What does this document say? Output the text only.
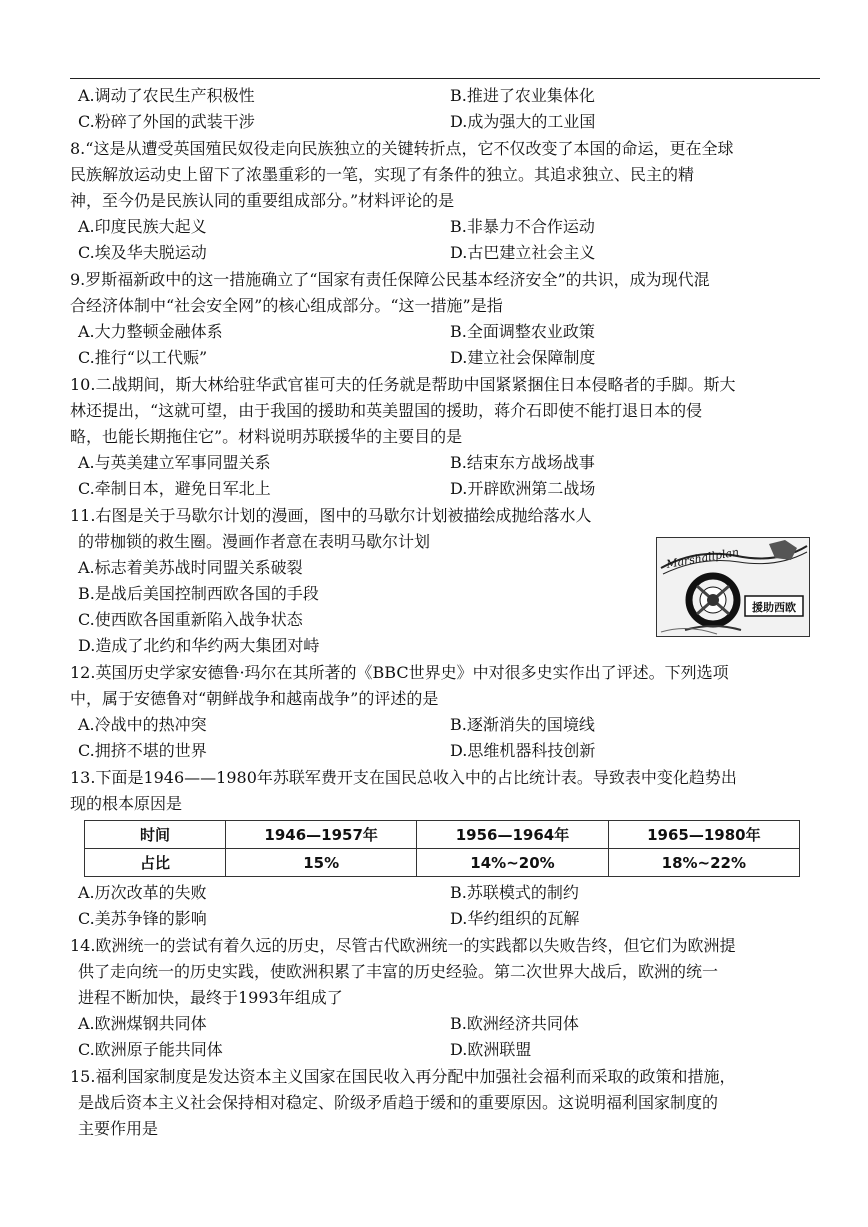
A.调动了农民生产积极性	B.推进了农业集体化
C.粉碎了外国的武装干涉	D.成为强大的工业国
8.“这是从遭受英国殖民奴役走向民族独立的关键转折点，它不仅改变了本国的命运，更在全球
民族解放运动史上留下了浓墨重彩的一笔，实现了有条件的独立。其追求独立、民主的精
神，至今仍是民族认同的重要组成部分。”材料评论的是
A.印度民族大起义	B.非暴力不合作运动
C.埃及华夫脱运动	D.古巴建立社会主义
9.罗斯福新政中的这一措施确立了“国家有责任保障公民基本经济安全”的共识，成为现代混
合经济体制中“社会安全网”的核心组成部分。“这一措施”是指
A.大力整顿金融体系	B.全面调整农业政策
C.推行“以工代赈”	D.建立社会保障制度
10.二战期间，斯大林给驻华武官崔可夫的任务就是帮助中国紧紧捆住日本侵略者的手脚。斯大
林还提出，“这就可望，由于我国的援助和英美盟国的援助，蒋介石即使不能打退日本的侵
略，也能长期拖住它”。材料说明苏联援华的主要目的是
A.与英美建立军事同盟关系	B.结束东方战场战事
C.牵制日本，避免日军北上	D.开辟欧洲第二战场
11.右图是关于马歇尔计划的漫画，图中的马歇尔计划被描绘成抛给落水人
的带枷锁的救生圈。漫画作者意在表明马歇尔计划
A.标志着美苏战时同盟关系破裂
B.是战后美国控制西欧各国的手段
C.使西欧各国重新陷入战争状态
D.造成了北约和华约两大集团对峙
Marshallplan
援助西欧
12.英国历史学家安德鲁·玛尔在其所著的《BBC世界史》中对很多史实作出了评述。下列选项
中，属于安德鲁对“朝鲜战争和越南战争”的评述的是
A.冷战中的热冲突	B.逐渐消失的国境线
C.拥挤不堪的世界	D.思维机器科技创新
13.下面是1946——1980年苏联军费开支在国民总收入中的占比统计表。导致表中变化趋势出
现的根本原因是
时间	1946—1957年	1956—1964年	1965—1980年
占比	15%	14%~20%	18%~22%
A.历次改革的失败	B.苏联模式的制约
C.美苏争锋的影响	D.华约组织的瓦解
14.欧洲统一的尝试有着久远的历史，尽管古代欧洲统一的实践都以失败告终，但它们为欧洲提
供了走向统一的历史实践，使欧洲积累了丰富的历史经验。第二次世界大战后，欧洲的统一
进程不断加快，最终于1993年组成了
A.欧洲煤钢共同体	B.欧洲经济共同体
C.欧洲原子能共同体	D.欧洲联盟
15.福利国家制度是发达资本主义国家在国民收入再分配中加强社会福利而采取的政策和措施，
是战后资本主义社会保持相对稳定、阶级矛盾趋于缓和的重要原因。这说明福利国家制度的
主要作用是
